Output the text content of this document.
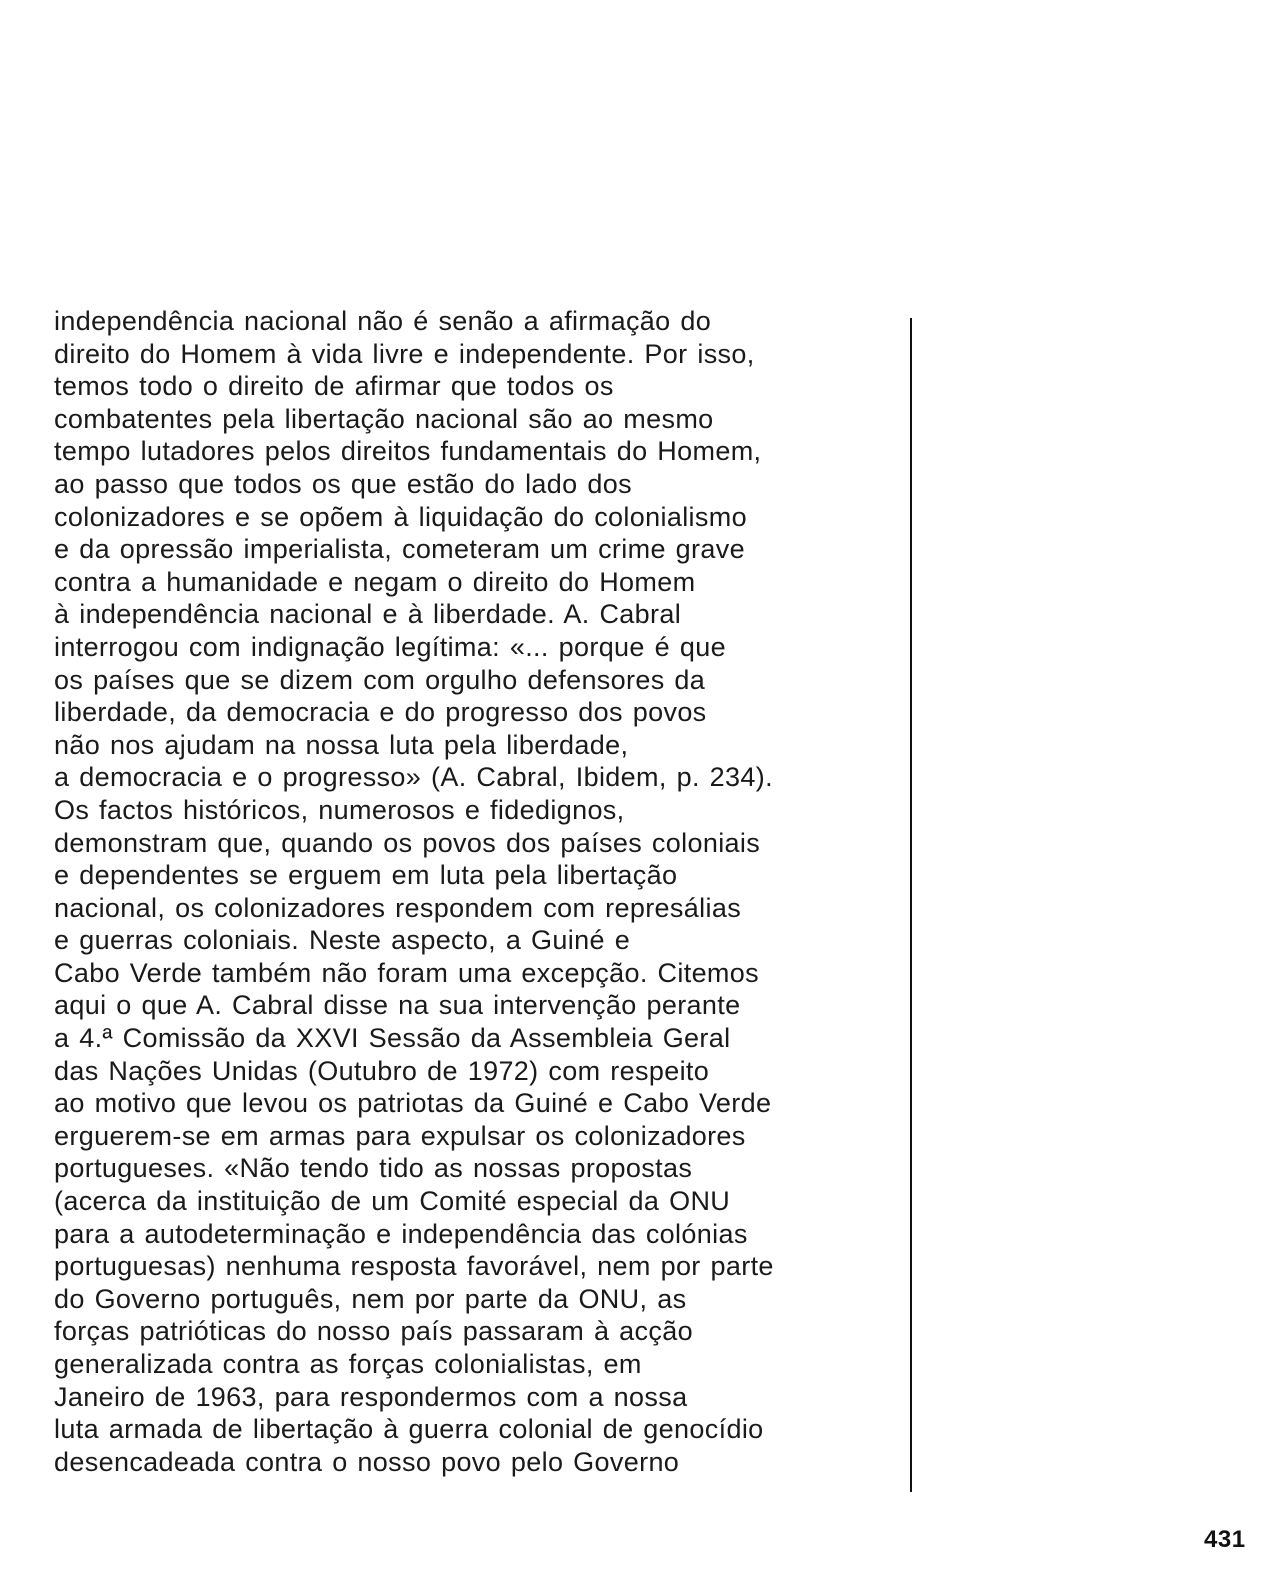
independência nacional não é senão a afirmação do
direito do Homem à vida livre e independente. Por isso,
temos todo o direito de afirmar que todos os
combatentes pela libertação nacional são ao mesmo
tempo lutadores pelos direitos fundamentais do Homem,
ao passo que todos os que estão do lado dos
colonizadores e se opõem à liquidação do colonialismo
e da opressão imperialista, cometeram um crime grave
contra a humanidade e negam o direito do Homem
à independência nacional e à liberdade. A. Cabral
interrogou com indignação legítima: «... porque é que
os países que se dizem com orgulho defensores da
liberdade, da democracia e do progresso dos povos
não nos ajudam na nossa luta pela liberdade,
a democracia e o progresso» (A. Cabral, Ibidem, p. 234).
Os factos históricos, numerosos e fidedignos,
demonstram que, quando os povos dos países coloniais
e dependentes se erguem em luta pela libertação
nacional, os colonizadores respondem com represálias
e guerras coloniais. Neste aspecto, a Guiné e
Cabo Verde também não foram uma excepção. Citemos
aqui o que A. Cabral disse na sua intervenção perante
a 4.ª Comissão da XXVI Sessão da Assembleia Geral
das Nações Unidas (Outubro de 1972) com respeito
ao motivo que levou os patriotas da Guiné e Cabo Verde
erguerem-se em armas para expulsar os colonizadores
portugueses. «Não tendo tido as nossas propostas
(acerca da instituição de um Comité especial da ONU
para a autodeterminação e independência das colónias
portuguesas) nenhuma resposta favorável, nem por parte
do Governo português, nem por parte da ONU, as
forças patrióticas do nosso país passaram à acção
generalizada contra as forças colonialistas, em
Janeiro de 1963, para respondermos com a nossa
luta armada de libertação à guerra colonial de genocídio
desencadeada contra o nosso povo pelo Governo
431
